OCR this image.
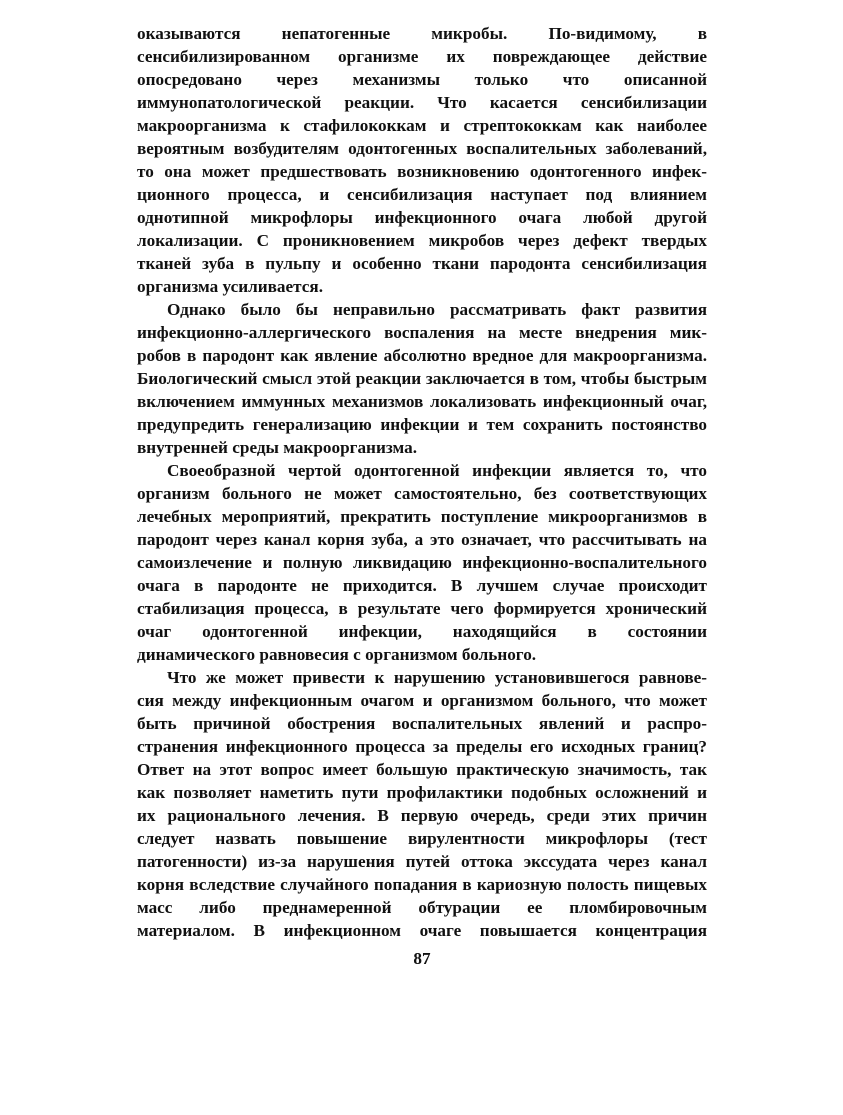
оказываются непатогенные микробы. По-видимому, в
сенсибилизированном организме их повреждающее действие
опосредовано через механизмы только что описанной
иммунопатологической реакции. Что касается сенсибилизации
макроорганизма к стафилококкам и стрептококкам как наиболее
вероятным возбудителям одонтогенных воспалительных заболеваний,
то она может предшествовать возникновению одонтогенного инфек-
ционного процесса, и сенсибилизация наступает под влиянием
однотипной микрофлоры инфекционного очага любой другой
локализации. С проникновением микробов через дефект твердых
тканей зуба в пульпу и особенно ткани пародонта сенсибилизация
организма усиливается.
Однако было бы неправильно рассматривать факт развития
инфекционно-аллергического воспаления на месте внедрения мик-
робов в пародонт как явление абсолютно вредное для макроорганизма.
Биологический смысл этой реакции заключается в том, чтобы быстрым
включением иммунных механизмов локализовать инфекционный очаг,
предупредить генерализацию инфекции и тем сохранить постоянство
внутренней среды макроорганизма.
Своеобразной чертой одонтогенной инфекции является то, что
организм больного не может самостоятельно, без соответствующих
лечебных мероприятий, прекратить поступление микроорганизмов в
пародонт через канал корня зуба, а это означает, что рассчитывать на
самоизлечение и полную ликвидацию инфекционно-воспалительного
очага в пародонте не приходится. В лучшем случае происходит
стабилизация процесса, в результате чего формируется хронический
очаг одонтогенной инфекции, находящийся в состоянии
динамического равновесия с организмом больного.
Что же может привести к нарушению установившегося равнове-
сия между инфекционным очагом и организмом больного, что может
быть причиной обострения воспалительных явлений и распро-
странения инфекционного процесса за пределы его исходных границ?
Ответ на этот вопрос имеет большую практическую значимость, так
как позволяет наметить пути профилактики подобных осложнений и
их рационального лечения. В первую очередь, среди этих причин
следует назвать повышение вирулентности микрофлоры (тест
патогенности) из-за нарушения путей оттока экссудата через канал
корня вследствие случайного попадания в кариозную полость пищевых
масс либо преднамеренной обтурации ее пломбировочным
материалом. В инфекционном очаге повышается концентрация
87
